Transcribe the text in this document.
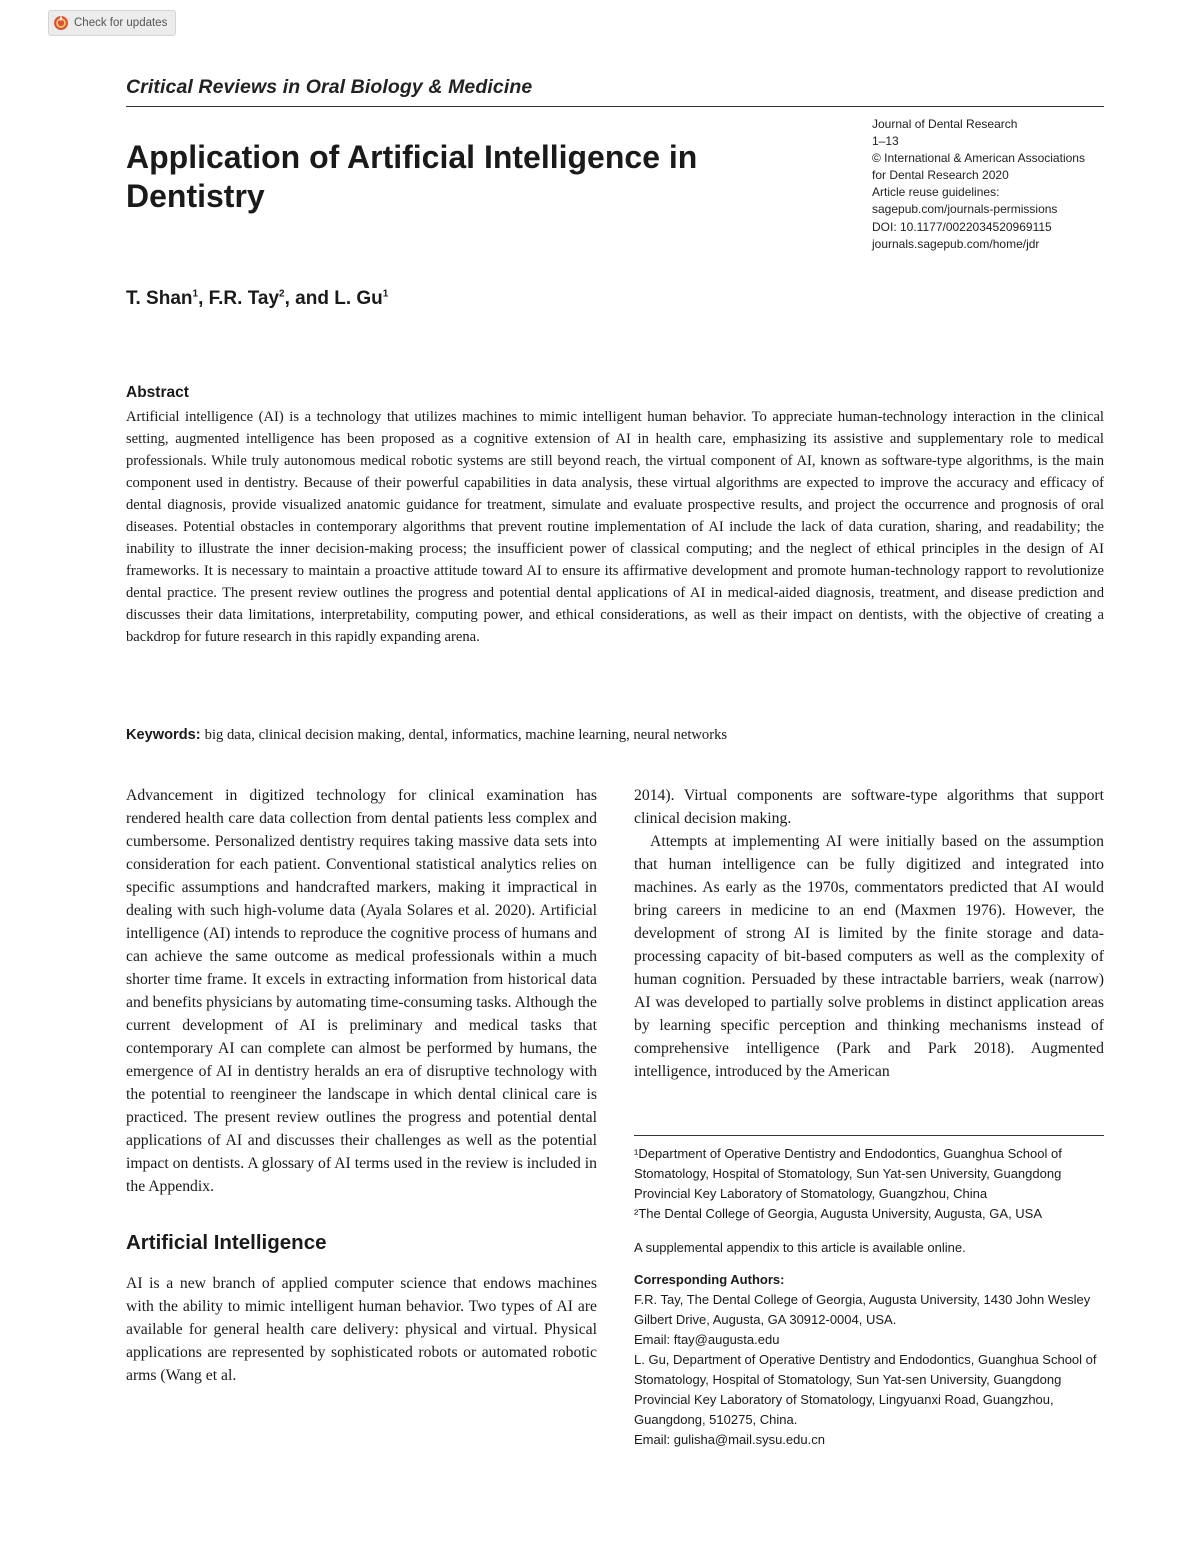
Check for updates
Critical Reviews in Oral Biology & Medicine
Journal of Dental Research
1–13
© International & American Associations
for Dental Research 2020
Article reuse guidelines:
sagepub.com/journals-permissions
DOI: 10.1177/0022034520969115
journals.sagepub.com/home/jdr
Application of Artificial Intelligence in Dentistry
T. Shan$^1$, F.R. Tay$^2$, and L. Gu$^1$
Abstract

Artificial intelligence (AI) is a technology that utilizes machines to mimic intelligent human behavior. To appreciate human-technology interaction in the clinical setting, augmented intelligence has been proposed as a cognitive extension of AI in health care, emphasizing its assistive and supplementary role to medical professionals. While truly autonomous medical robotic systems are still beyond reach, the virtual component of AI, known as software-type algorithms, is the main component used in dentistry. Because of their powerful capabilities in data analysis, these virtual algorithms are expected to improve the accuracy and efficacy of dental diagnosis, provide visualized anatomic guidance for treatment, simulate and evaluate prospective results, and project the occurrence and prognosis of oral diseases. Potential obstacles in contemporary algorithms that prevent routine implementation of AI include the lack of data curation, sharing, and readability; the inability to illustrate the inner decision-making process; the insufficient power of classical computing; and the neglect of ethical principles in the design of AI frameworks. It is necessary to maintain a proactive attitude toward AI to ensure its affirmative development and promote human-technology rapport to revolutionize dental practice. The present review outlines the progress and potential dental applications of AI in medical-aided diagnosis, treatment, and disease prediction and discusses their data limitations, interpretability, computing power, and ethical considerations, as well as their impact on dentists, with the objective of creating a backdrop for future research in this rapidly expanding arena.

Keywords: big data, clinical decision making, dental, informatics, machine learning, neural networks

Advancement in digitized technology for clinical examination has rendered health care data collection from dental patients less complex and cumbersome. Personalized dentistry requires taking massive data sets into consideration for each patient. Conventional statistical analytics relies on specific assumptions and handcrafted markers, making it impractical in dealing with such high-volume data (Ayala Solares et al. 2020). Artificial intelligence (AI) intends to reproduce the cognitive process of humans and can achieve the same outcome as medical professionals within a much shorter time frame. It excels in extracting information from historical data and benefits physicians by automating time-consuming tasks. Although the current development of AI is preliminary and medical tasks that contemporary AI can complete can almost be performed by humans, the emergence of AI in dentistry heralds an era of disruptive technology with the potential to reengineer the landscape in which dental clinical care is practiced. The present review outlines the progress and potential dental applications of AI and discusses their challenges as well as the potential impact on dentists. A glossary of AI terms used in the review is included in the Appendix.

Artificial Intelligence

AI is a new branch of applied computer science that endows machines with the ability to mimic intelligent human behavior. Two types of AI are available for general health care delivery: physical and virtual. Physical applications are represented by sophisticated robots or automated robotic arms (Wang et al.

2014). Virtual components are software-type algorithms that support clinical decision making.

Attempts at implementing AI were initially based on the assumption that human intelligence can be fully digitized and integrated into machines. As early as the 1970s, commentators predicted that AI would bring careers in medicine to an end (Maxmen 1976). However, the development of strong AI is limited by the finite storage and data-processing capacity of bit-based computers as well as the complexity of human cognition. Persuaded by these intractable barriers, weak (narrow) AI was developed to partially solve problems in distinct application areas by learning specific perception and thinking mechanisms instead of comprehensive intelligence (Park and Park 2018). Augmented intelligence, introduced by the American

¹Department of Operative Dentistry and Endodontics, Guanghua School of Stomatology, Hospital of Stomatology, Sun Yat-sen University, Guangdong Provincial Key Laboratory of Stomatology, Guangzhou, China

²The Dental College of Georgia, Augusta University, Augusta, GA, USA

A supplemental appendix to this article is available online.

Corresponding Authors:

F.R. Tay, The Dental College of Georgia, Augusta University, 1430 John Wesley Gilbert Drive, Augusta, GA 30912-0004, USA.

Email: ftay@augusta.edu

L. Gu, Department of Operative Dentistry and Endodontics, Guanghua School of Stomatology, Hospital of Stomatology, Sun Yat-sen University, Guangdong Provincial Key Laboratory of Stomatology, Lingyuanxi Road, Guangzhou, Guangdong, 510275, China.

Email: gulisha@mail.sysu.edu.cn
